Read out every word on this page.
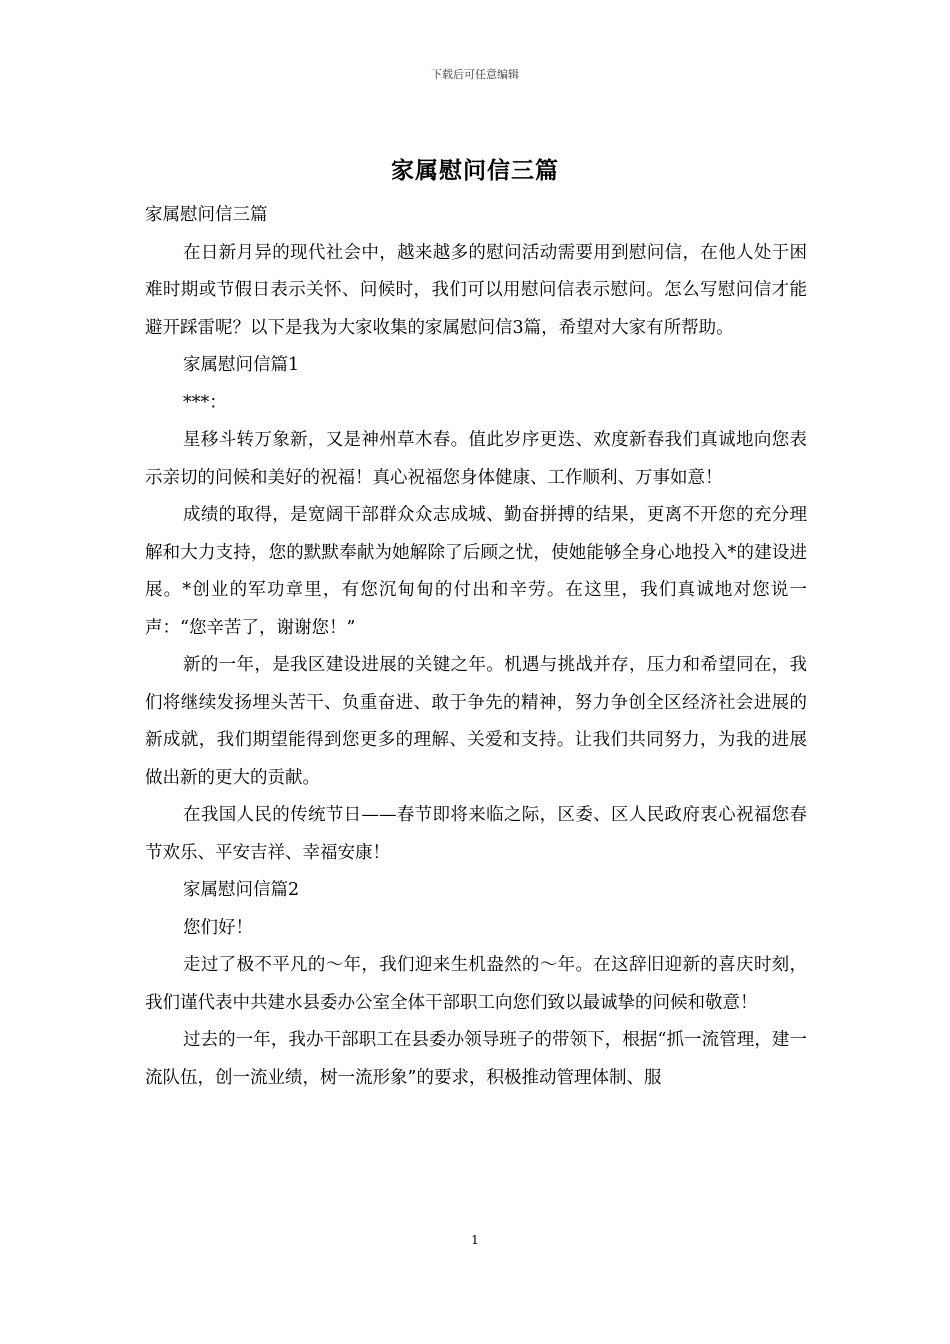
下载后可任意编辑
家属慰问信三篇

家属慰问信三篇

在日新月异的现代社会中，越来越多的慰问活动需要用到慰问信，在他人处于困难时期或节假日表示关怀、问候时，我们可以用慰问信表示慰问。怎么写慰问信才能避开踩雷呢？以下是我为大家收集的家属慰问信3篇，希望对大家有所帮助。

家属慰问信篇1

***：

星移斗转万象新，又是神州草木春。值此岁序更迭、欢度新春我们真诚地向您表示亲切的问候和美好的祝福！真心祝福您身体健康、工作顺利、万事如意！

成绩的取得，是宽阔干部群众众志成城、勤奋拼搏的结果，更离不开您的充分理解和大力支持，您的默默奉献为她解除了后顾之忧，使她能够全身心地投入*的建设进展。*创业的军功章里，有您沉甸甸的付出和辛劳。在这里，我们真诚地对您说一声：“您辛苦了，谢谢您！”

新的一年，是我区建设进展的关键之年。机遇与挑战并存，压力和希望同在，我们将继续发扬埋头苦干、负重奋进、敢于争先的精神，努力争创全区经济社会进展的新成就，我们期望能得到您更多的理解、关爱和支持。让我们共同努力，为我的进展做出新的更大的贡献。

在我国人民的传统节日——春节即将来临之际，区委、区人民政府衷心祝福您春节欢乐、平安吉祥、幸福安康！

家属慰问信篇2

您们好！

走过了极不平凡的～年，我们迎来生机盎然的～年。在这辞旧迎新的喜庆时刻，我们谨代表中共建水县委办公室全体干部职工向您们致以最诚挚的问候和敬意！

过去的一年，我办干部职工在县委办领导班子的带领下，根据“抓一流管理，建一流队伍，创一流业绩，树一流形象”的要求，积极推动管理体制、服

1
